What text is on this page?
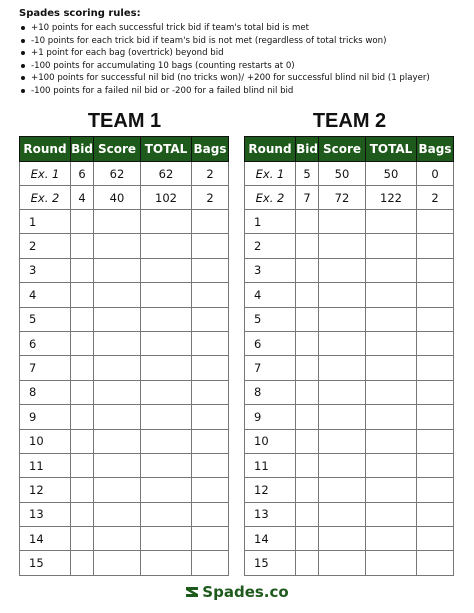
Spades scoring rules:

+10 points for each successful trick bid if team's total bid is met
-10 points for each trick bid if team's bid is not met (regardless of total tricks won)
+1 point for each bag (overtrick) beyond bid
-100 points for accumulating 10 bags (counting restarts at 0)
+100 points for successful nil bid (no tricks won)/ +200 for successful blind nil bid (1 player)
-100 points for a failed nil bid or -200 for a failed blind nil bid
TEAM 1	TEAM 2
Round	Bid	Score	TOTAL	Bags
Ex. 1	6	62	62	2
Ex. 2	4	40	102	2
1				
2				
3				
4				
5				
6				
7				
8				
9				
10				
11				
12				
13				
14				
15				
Round	Bid	Score	TOTAL	Bags
Ex. 1	5	50	50	0
Ex. 2	7	72	122	2
1				
2				
3				
4				
5				
6				
7				
8				
9				
10				
11				
12				
13				
14				
15				
Spades.co
